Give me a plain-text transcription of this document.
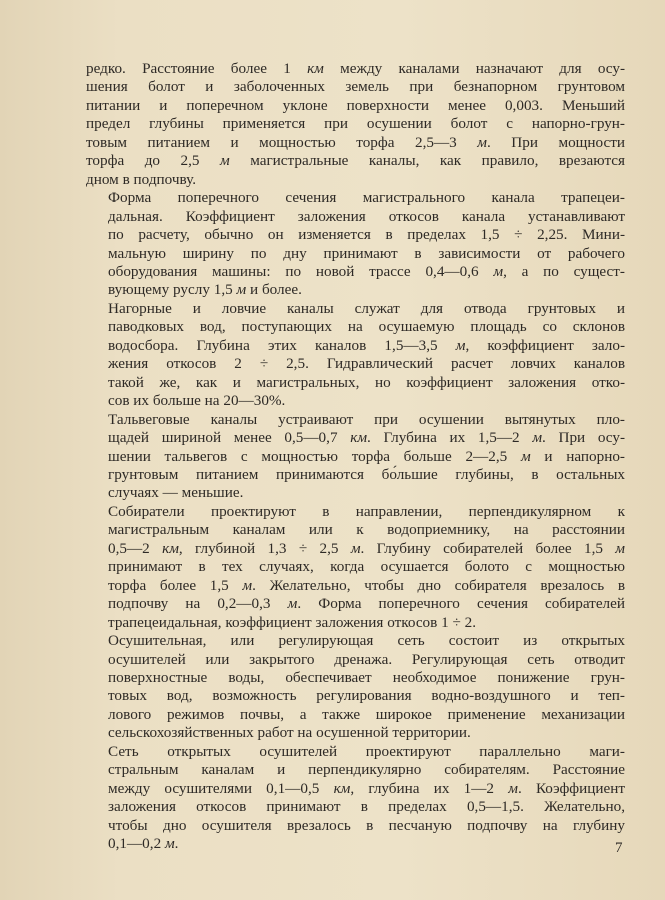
редко. Расстояние более 1 км между каналами назначают для осу-
шения болот и заболоченных земель при безнапорном грунтовом
питании и поперечном уклоне поверхности менее 0,003. Меньший
предел глубины применяется при осушении болот с напорно-грун-
товым питанием и мощностью торфа 2,5—3 м. При мощности
торфа до 2,5 м магистральные каналы, как правило, врезаются
дном в подпочву.

Форма поперечного сечения магистрального канала трапецеи-
дальная. Коэффициент заложения откосов канала устанавливают
по расчету, обычно он изменяется в пределах 1,5 ÷ 2,25. Мини-
мальную ширину по дну принимают в зависимости от рабочего
оборудования машины: по новой трассе 0,4—0,6 м, а по сущест-
вующему руслу 1,5 м и более.

Нагорные и ловчие каналы служат для отвода грунтовых и
паводковых вод, поступающих на осушаемую площадь со склонов
водосбора. Глубина этих каналов 1,5—3,5 м, коэффициент зало-
жения откосов 2 ÷ 2,5. Гидравлический расчет ловчих каналов
такой же, как и магистральных, но коэффициент заложения отко-
сов их больше на 20—30%.

Тальвеговые каналы устраивают при осушении вытянутых пло-
щадей шириной менее 0,5—0,7 км. Глубина их 1,5—2 м. При осу-
шении тальвегов с мощностью торфа больше 2—2,5 м и напорно-
грунтовым питанием принимаются бо́льшие глубины, в остальных
случаях — меньшие.

Собиратели проектируют в направлении, перпендикулярном к
магистральным каналам или к водоприемнику, на расстоянии
0,5—2 км, глубиной 1,3 ÷ 2,5 м. Глубину собирателей более 1,5 м
принимают в тех случаях, когда осушается болото с мощностью
торфа более 1,5 м. Желательно, чтобы дно собирателя врезалось в
подпочву на 0,2—0,3 м. Форма поперечного сечения собирателей
трапецеидальная, коэффициент заложения откосов 1 ÷ 2.

Осушительная, или регулирующая сеть состоит из открытых
осушителей или закрытого дренажа. Регулирующая сеть отводит
поверхностные воды, обеспечивает необходимое понижение грун-
товых вод, возможность регулирования водно-воздушного и теп-
лового режимов почвы, а также широкое применение механизации
сельскохозяйственных работ на осушенной территории.

Сеть открытых осушителей проектируют параллельно маги-
стральным каналам и перпендикулярно собирателям. Расстояние
между осушителями 0,1—0,5 км, глубина их 1—2 м. Коэффициент
заложения откосов принимают в пределах 0,5—1,5. Желательно,
чтобы дно осушителя врезалось в песчаную подпочву на глубину
0,1—0,2 м.	7
